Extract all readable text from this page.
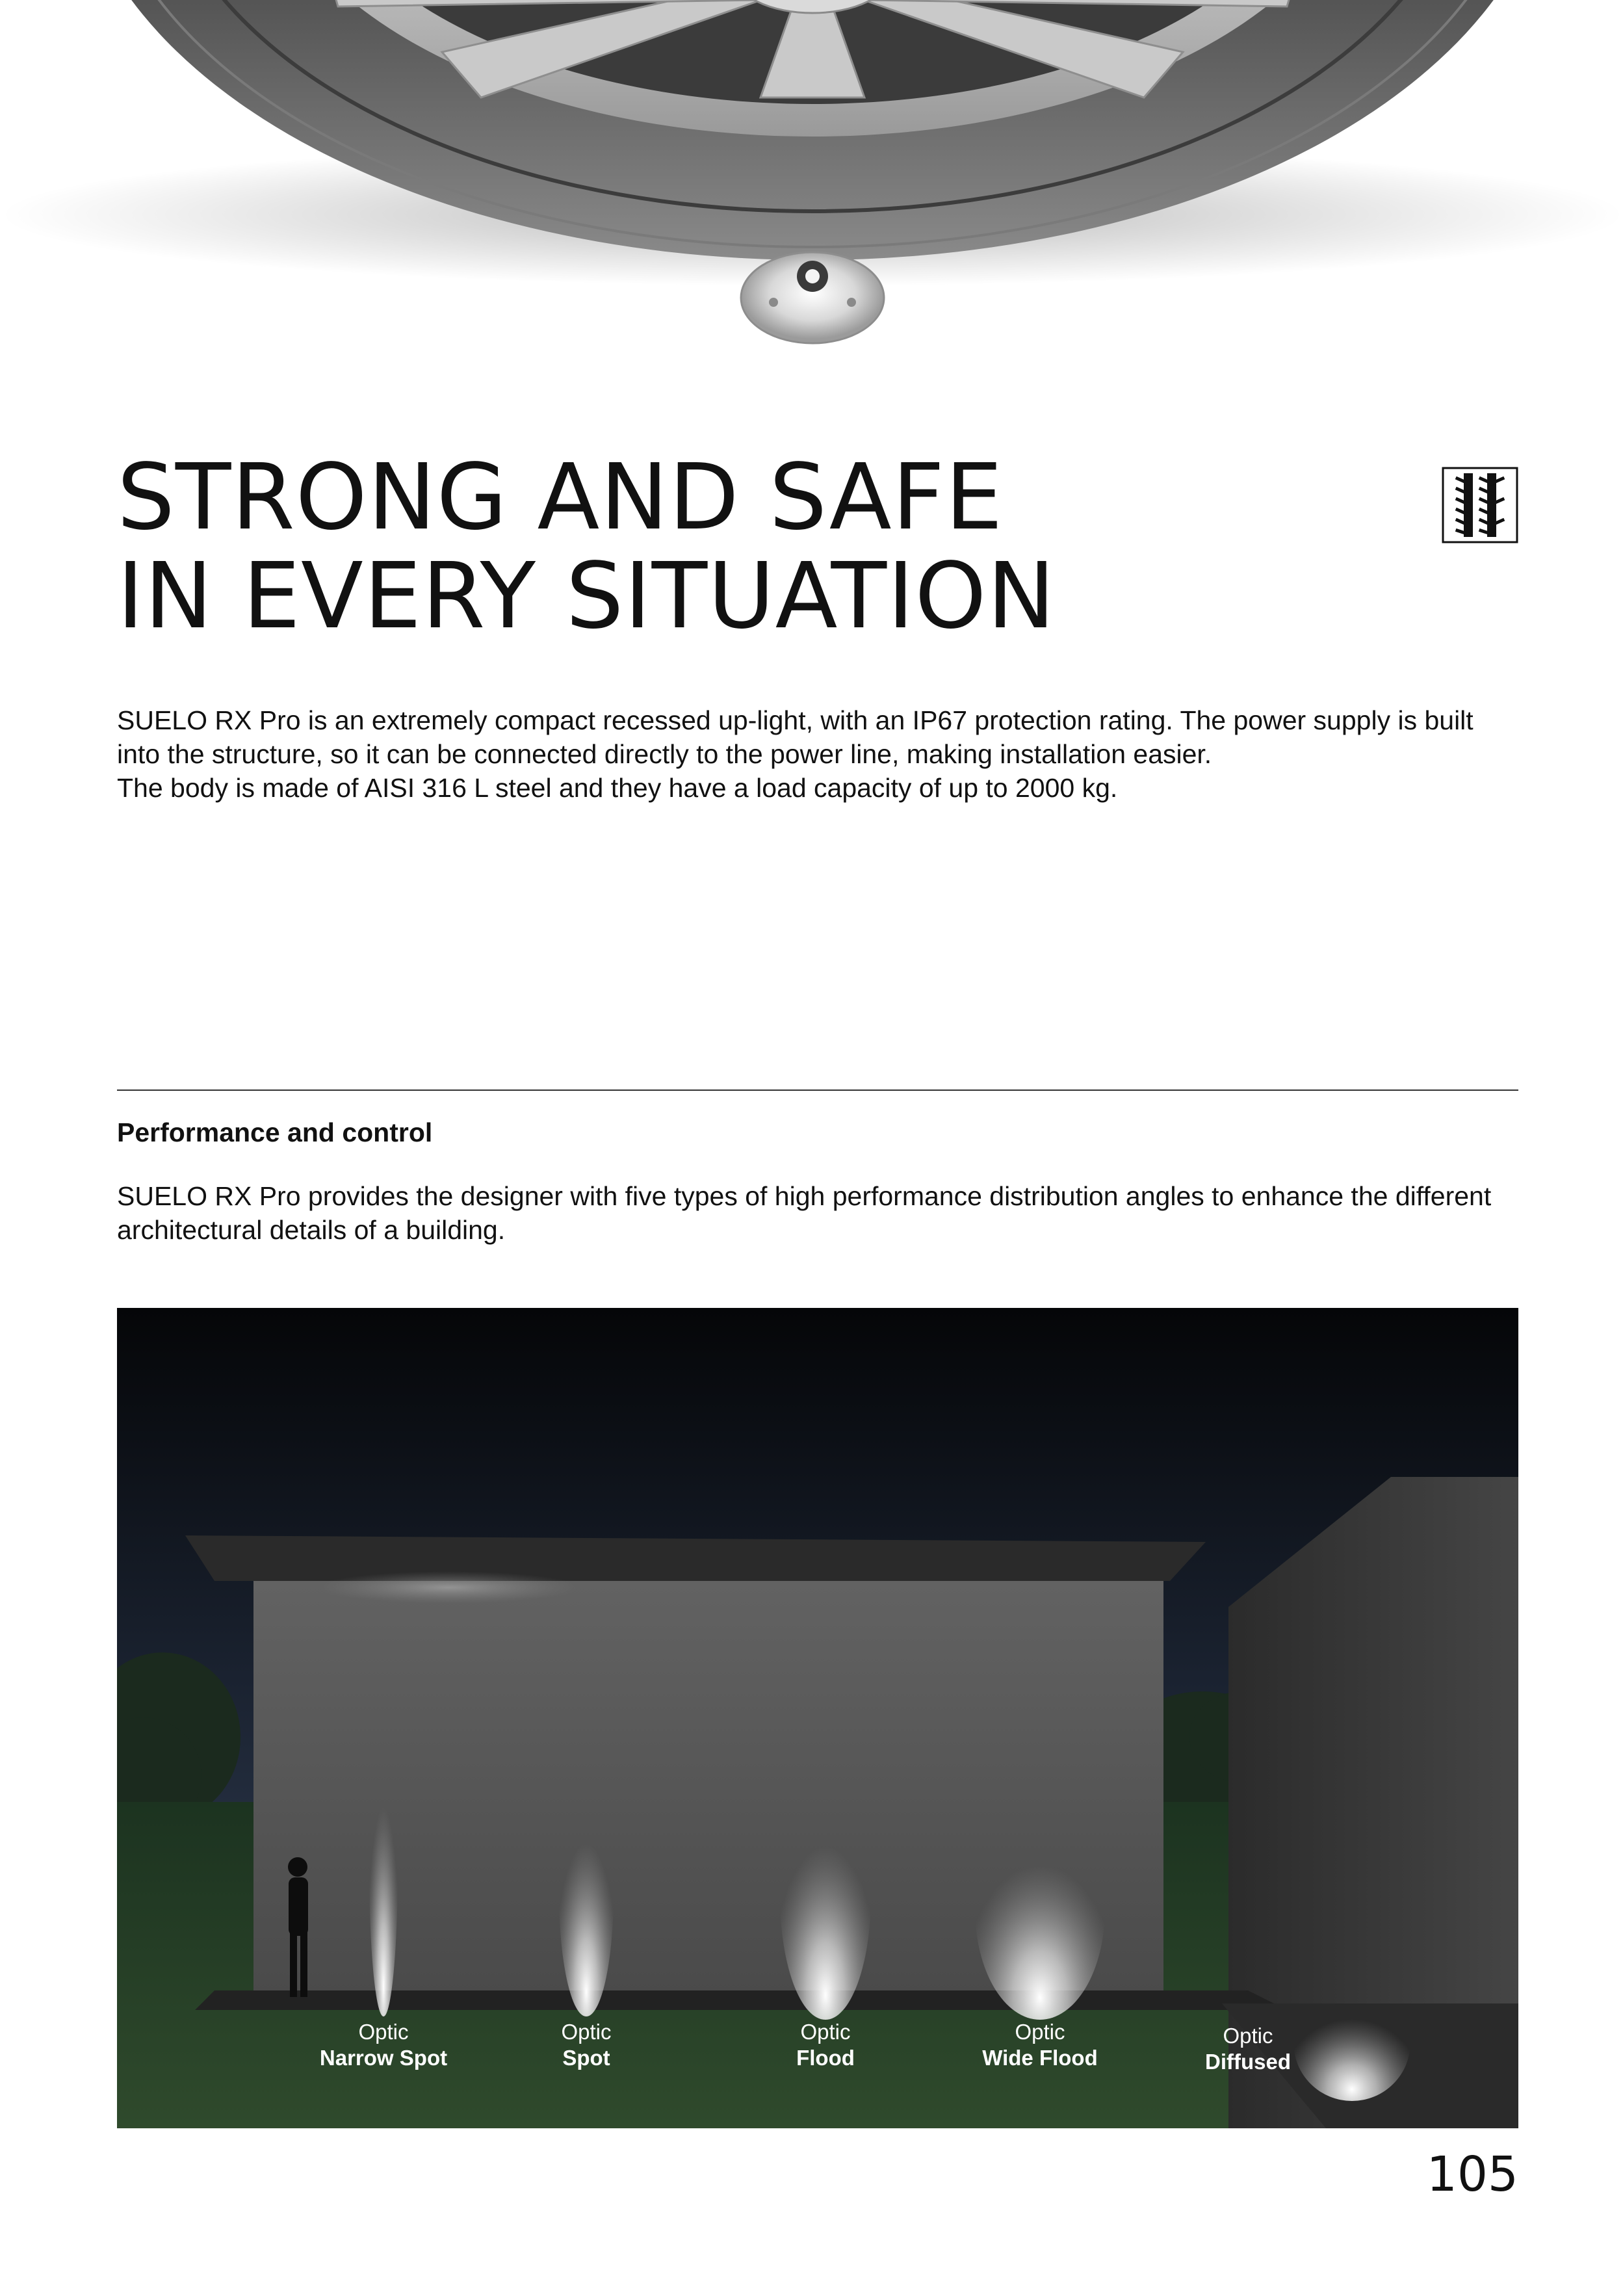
STRONG AND SAFE
IN EVERY SITUATION

SUELO RX Pro is an extremely compact recessed up-light, with an IP67 protection rating. The power supply is built
into the structure, so it can be connected directly to the power line, making installation easier.
The body is made of AISI 316 L steel and they have a load capacity of up to 2000 kg.

Performance and control

SUELO RX Pro provides the designer with five types of high performance distribution angles to enhance the different
architectural details of a building.

Optic
Narrow Spot
Optic
Spot
Optic
Flood
Optic
Wide Flood
Optic
Diffused
105
